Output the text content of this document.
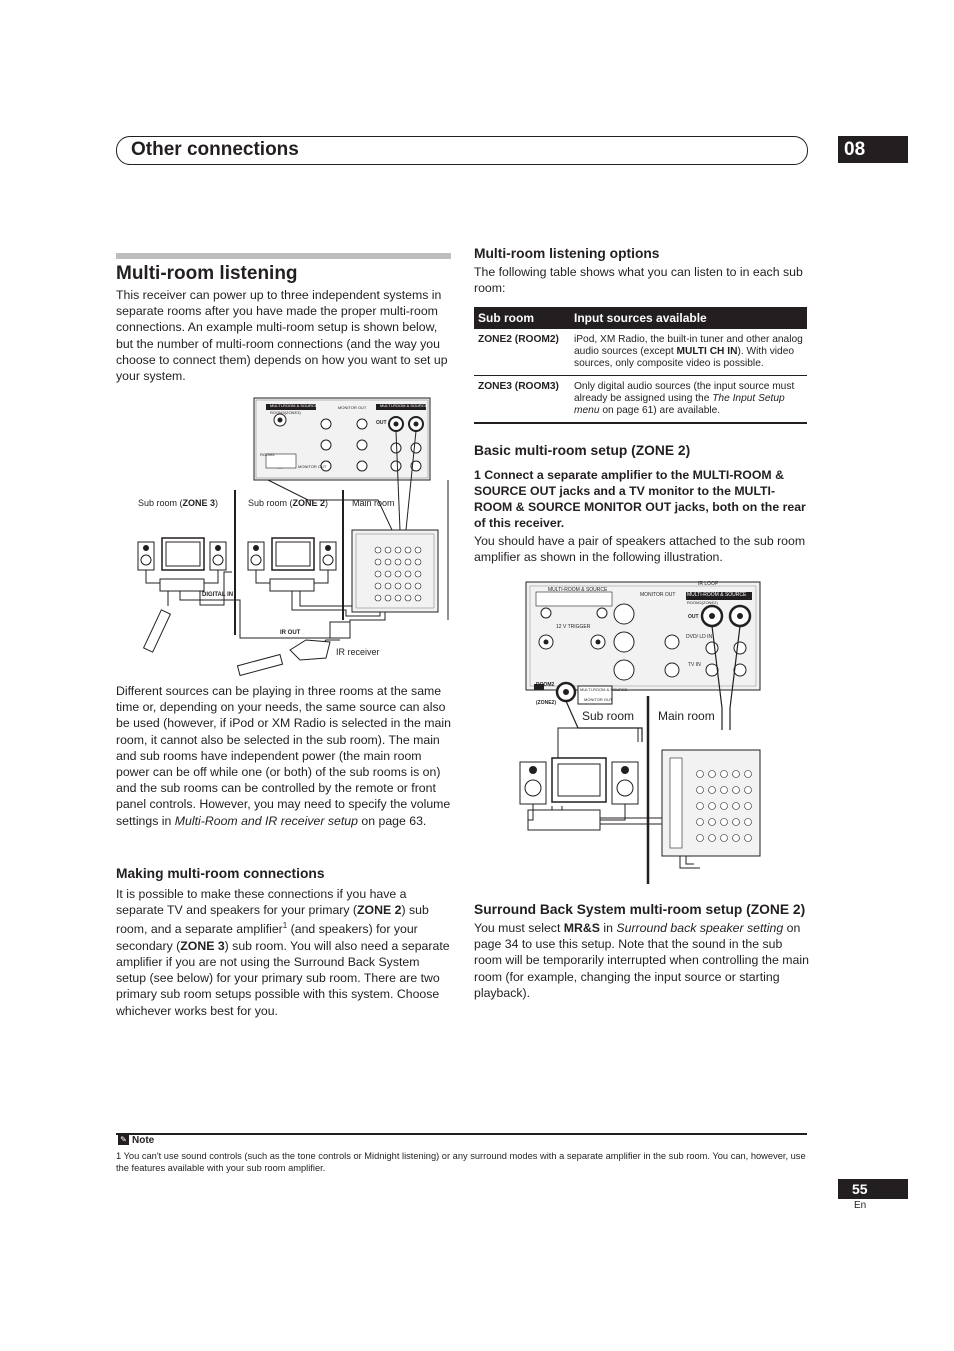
Other connections	08
Multi-room listening
This receiver can power up to three independent systems in separate rooms after you have made the proper multi-room connections. An example multi-room setup is shown below, but the number of multi-room connections (and the way you choose to connect them) depends on how you want to set up your system.
Sub room (ZONE 3)	Sub room (ZONE 2)	Main room
DIGITAL IN
IR OUT
IR receiver
MULTI-ROOM & SOURCE
ROOM3(ZONE3)
MONITOR OUT	MULTI-ROOM & SOURCE
ROOM2
MONITOR OUT
OUT
Different sources can be playing in three rooms at the same time or, depending on your needs, the same source can also be used (however, if iPod or XM Radio is selected in the main room, it cannot also be selected in the sub room). The main and sub rooms have independent power (the main room power can be off while one (or both) of the sub rooms is on) and the sub rooms can be controlled by the remote or front panel controls. However, you may need to specify the volume settings in Multi-Room and IR receiver setup on page 63.
Making multi-room connections
It is possible to make these connections if you have a separate TV and speakers for your primary (ZONE 2) sub room, and a separate amplifier$^1$ (and speakers) for your secondary (ZONE 3) sub room. You will also need a separate amplifier if you are not using the Surround Back System setup (see below) for your primary sub room. There are two primary sub room setups possible with this system. Choose whichever works best for you.
Multi-room listening options
The following table shows what you can listen to in each sub room:
Sub room	Input sources available
ZONE2 (ROOM2)	iPod, XM Radio, the built-in tuner and other analog audio sources (except MULTI CH IN). With video sources, only composite video is possible.
ZONE3 (ROOM3)	Only digital audio sources (the input source must already be assigned using the The Input Setup menu on page 61) are available.
Basic multi-room setup (ZONE 2)
1 Connect a separate amplifier to the MULTI-ROOM & SOURCE OUT jacks and a TV monitor to the MULTI-ROOM & SOURCE MONITOR OUT jacks, both on the rear of this receiver.
You should have a pair of speakers attached to the sub room amplifier as shown in the following illustration.
Sub room Main room
MULTI-ROOM & SOURCE
MONITOR OUT MULTI-ROOM & SOURCE
ROOM2(ZONE2)
OUT
12 V TRIGGER
DVD/ LD IN
TV IN
ROOM2
(ZONE2)
MULTI-ROOM & SOURCE
MONITOR OUT
IR LOOP
Surround Back System multi-room setup (ZONE 2)
You must select MR&S in Surround back speaker setting on page 34 to use this setup. Note that the sound in the sub room will be temporarily interrupted when controlling the main room (for example, changing the input source or starting playback).
✎ Note
1 You can't use sound controls (such as the tone controls or Midnight listening) or any surround modes with a separate amplifier in the sub room. You can, however, use the features available with your sub room amplifier.
55
En
